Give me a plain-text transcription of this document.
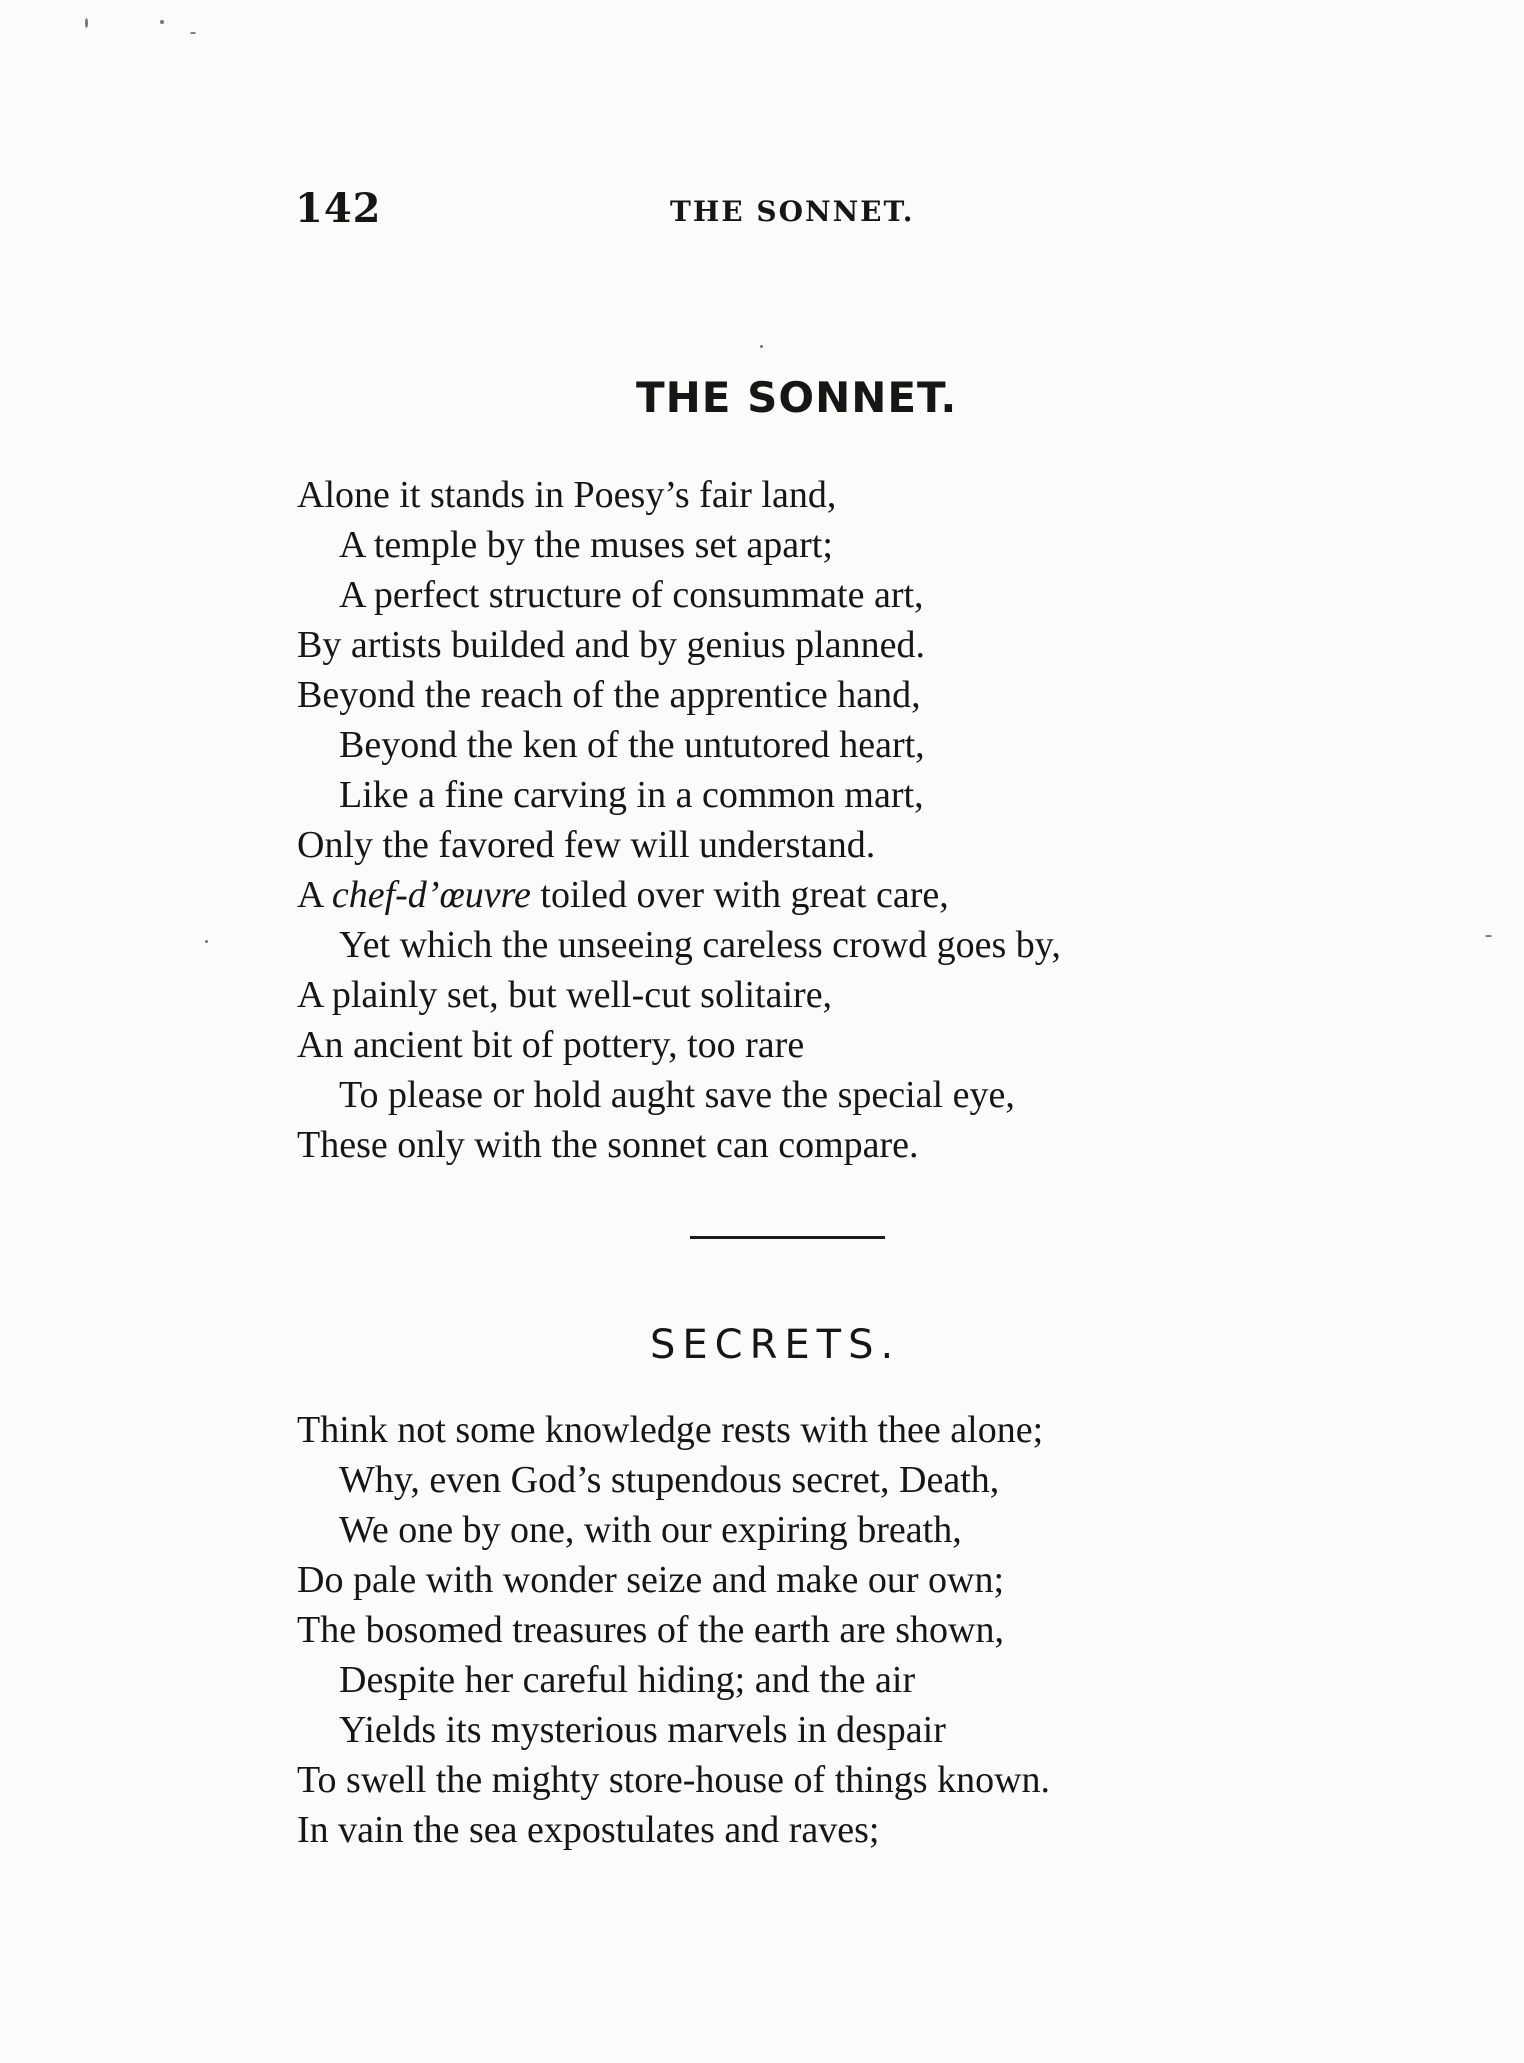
142	THE SONNET.
THE SONNET.
Alone it stands in Poesy’s fair land,
A temple by the muses set apart;
A perfect structure of consummate art,
By artists builded and by genius planned.
Beyond the reach of the apprentice hand,
Beyond the ken of the untutored heart,
Like a fine carving in a common mart,
Only the favored few will understand.
A chef-d’œuvre toiled over with great care,
Yet which the unseeing careless crowd goes by,
A plainly set, but well-cut solitaire,
An ancient bit of pottery, too rare
To please or hold aught save the special eye,
These only with the sonnet can compare.
SECRETS.
Think not some knowledge rests with thee alone;
Why, even God’s stupendous secret, Death,
We one by one, with our expiring breath,
Do pale with wonder seize and make our own;
The bosomed treasures of the earth are shown,
Despite her careful hiding; and the air
Yields its mysterious marvels in despair
To swell the mighty store-house of things known.
In vain the sea expostulates and raves;
